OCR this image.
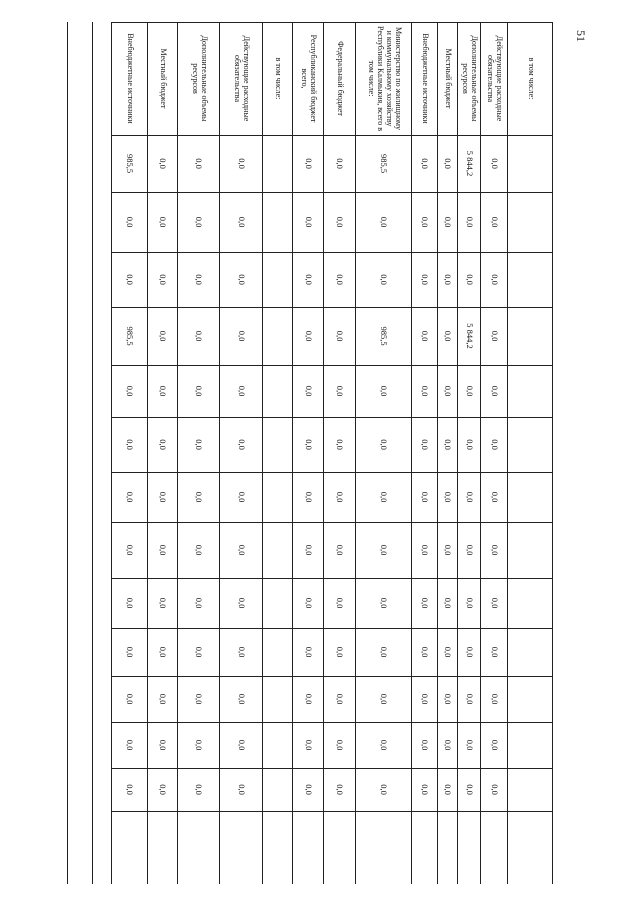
51
в том числе:
Действующие расходные обязательства
0,0
0,0
0,0
0,0
0,0
0,0
0,0
0,0
0,0
0,0
0,0
0,0
0,0
Дополнительные объемы ресурсов
5 844,2
0,0
0,0
5 844,2
0,0
0,0
0,0
0,0
0,0
0,0
0,0
0,0
0,0
Местный бюджет
0,0
0,0
0,0
0,0
0,0
0,0
0,0
0,0
0,0
0,0
0,0
0,0
0,0
Внебюджетные источники
0,0
0,0
0,0
0,0
0,0
0,0
0,0
0,0
0,0
0,0
0,0
0,0
0,0
Министерство по жилищному и коммунальному хозяйству Республики Калмыкия, всего в том числе:
985,5
0,0
0,0
985,5
0,0
0,0
0,0
0,0
0,0
0,0
0,0
0,0
0,0
Федеральный бюджет
0,0
0,0
0,0
0,0
0,0
0,0
0,0
0,0
0,0
0,0
0,0
0,0
0,0
Республиканский бюджет всего,
0,0
0,0
0,0
0,0
0,0
0,0
0,0
0,0
0,0
0,0
0,0
0,0
0,0
в том числе:
Действующие расходные обязательства
0,0
0,0
0,0
0,0
0,0
0,0
0,0
0,0
0,0
0,0
0,0
0,0
0,0
Дополнительные объемы ресурсов
0,0
0,0
0,0
0,0
0,0
0,0
0,0
0,0
0,0
0,0
0,0
0,0
0,0
Местный бюджет
0,0
0,0
0,0
0,0
0,0
0,0
0,0
0,0
0,0
0,0
0,0
0,0
0,0
Внебюджетные источники
985,5
0,0
0,0
985,5
0,0
0,0
0,0
0,0
0,0
0,0
0,0
0,0
0,0
